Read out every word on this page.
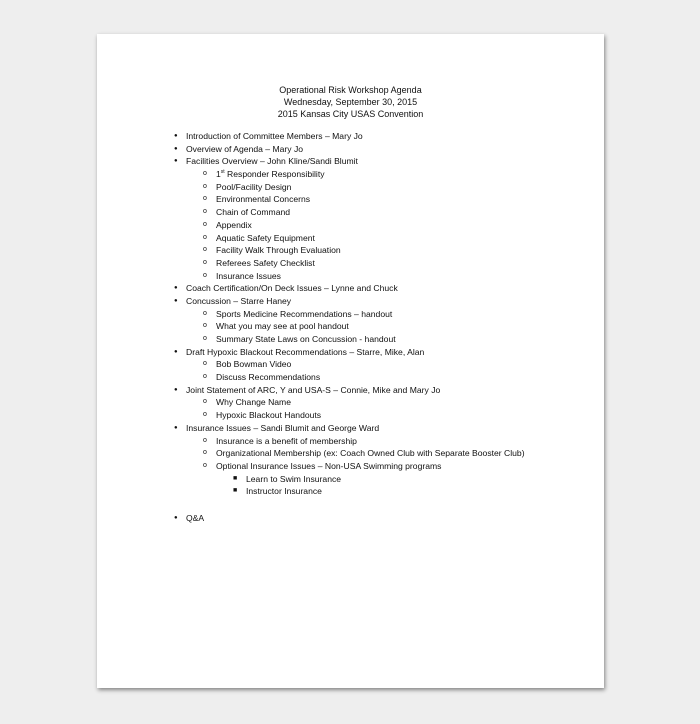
Operational Risk Workshop Agenda
Wednesday, September 30, 2015
2015 Kansas City USAS Convention
● Introduction of Committee Members – Mary Jo
● Overview of Agenda – Mary Jo
● Facilities Overview – John Kline/Sandi Blumit
o 1st Responder Responsibility
o Pool/Facility Design
o Environmental Concerns
o Chain of Command
o Appendix
o Aquatic Safety Equipment
o Facility Walk Through Evaluation
o Referees Safety Checklist
o Insurance Issues
● Coach Certification/On Deck Issues – Lynne and Chuck
● Concussion – Starre Haney
o Sports Medicine Recommendations – handout
o What you may see at pool handout
o Summary State Laws on Concussion - handout
● Draft Hypoxic Blackout Recommendations – Starre, Mike, Alan
o Bob Bowman Video
o Discuss Recommendations
● Joint Statement of ARC, Y and USA-S – Connie, Mike and Mary Jo
o Why Change Name
o Hypoxic Blackout Handouts
● Insurance Issues – Sandi Blumit and George Ward
o Insurance is a benefit of membership
o Organizational Membership (ex: Coach Owned Club with Separate Booster Club)
o Optional Insurance Issues – Non-USA Swimming programs
■ Learn to Swim Insurance
■ Instructor Insurance
● Q&A
